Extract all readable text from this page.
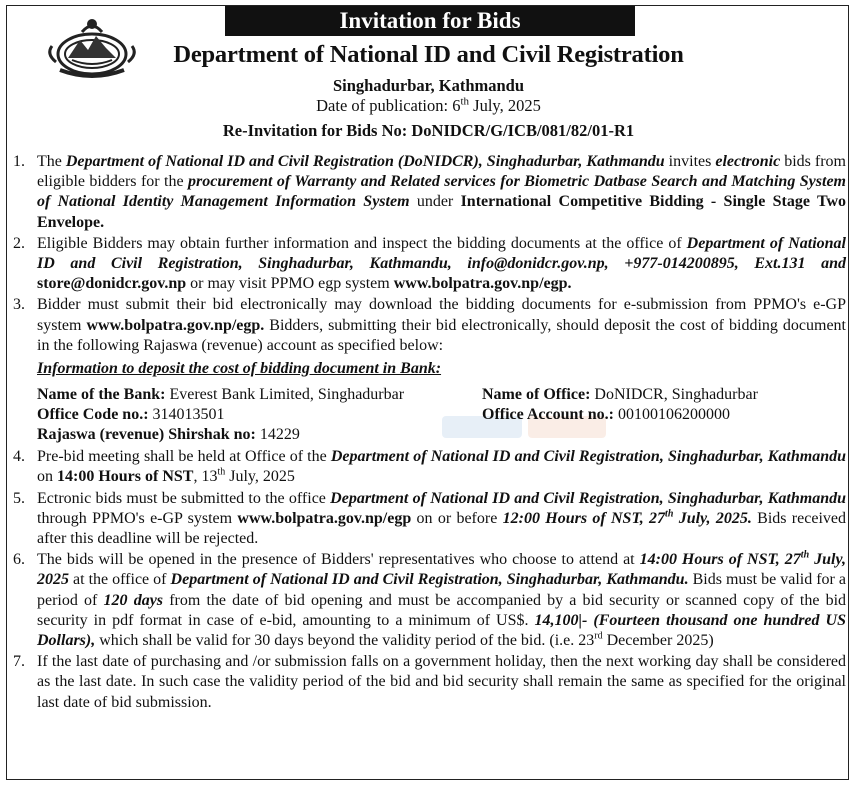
Invitation for Bids
Department of National ID and Civil Registration
Singhadurbar, Kathmandu
Date of publication: 6th July, 2025
Re-Invitation for Bids No: DoNIDCR/G/ICB/081/82/01-R1
1. The Department of National ID and Civil Registration (DoNIDCR), Singhadurbar, Kathmandu invites electronic bids from eligible bidders for the procurement of Warranty and Related services for Biometric Datbase Search and Matching System of National Identity Management Information System under International Competitive Bidding - Single Stage Two Envelope.
2. Eligible Bidders may obtain further information and inspect the bidding documents at the office of Department of National ID and Civil Registration, Singhadurbar, Kathmandu, info@donidcr.gov.np, +977-014200895, Ext.131 and store@donidcr.gov.np or may visit PPMO egp system www.bolpatra.gov.np/egp.
3. Bidder must submit their bid electronically may download the bidding documents for e-submission from PPMO's e-GP system www.bolpatra.gov.np/egp. Bidders, submitting their bid electronically, should deposit the cost of bidding document in the following Rajaswa (revenue) account as specified below:
Information to deposit the cost of bidding document in Bank:
Name of the Bank: Everest Bank Limited, Singhadurbar	Name of Office: DoNIDCR, Singhadurbar
Office Code no.: 314013501	Office Account no.: 00100106200000
Rajaswa (revenue) Shirshak no: 14229
4. Pre-bid meeting shall be held at Office of the Department of National ID and Civil Registration, Singhadurbar, Kathmandu on 14:00 Hours of NST, 13th July, 2025
5. Ectronic bids must be submitted to the office Department of National ID and Civil Registration, Singhadurbar, Kathmandu through PPMO's e-GP system www.bolpatra.gov.np/egp on or before 12:00 Hours of NST, 27th July, 2025. Bids received after this deadline will be rejected.
6. The bids will be opened in the presence of Bidders' representatives who choose to attend at 14:00 Hours of NST, 27th July, 2025 at the office of Department of National ID and Civil Registration, Singhadurbar, Kathmandu. Bids must be valid for a period of 120 days from the date of bid opening and must be accompanied by a bid security or scanned copy of the bid security in pdf format in case of e-bid, amounting to a minimum of US$. 14,100|- (Fourteen thousand one hundred US Dollars), which shall be valid for 30 days beyond the validity period of the bid. (i.e. 23rd December 2025)
7. If the last date of purchasing and /or submission falls on a government holiday, then the next working day shall be considered as the last date. In such case the validity period of the bid and bid security shall remain the same as specified for the original last date of bid submission.
